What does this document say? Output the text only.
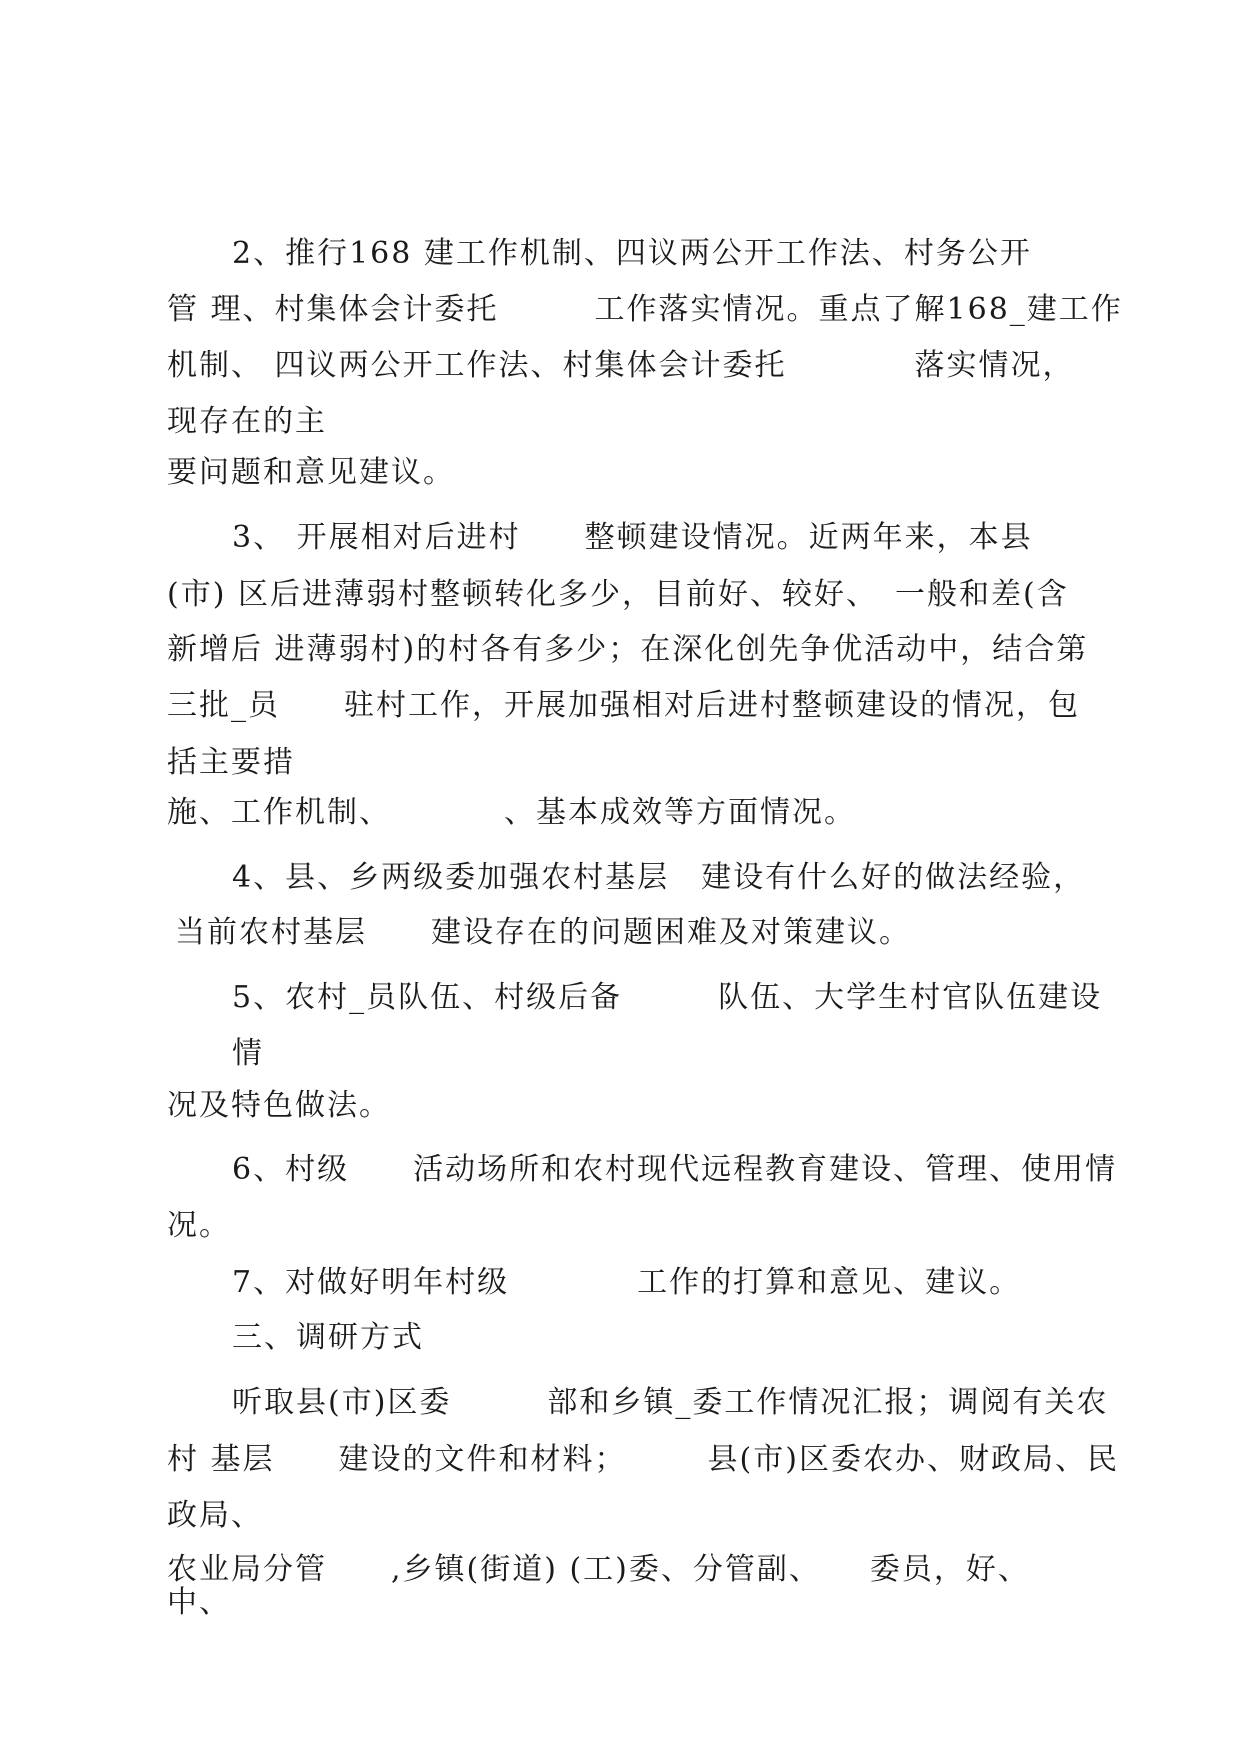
2、推行168 建工作机制、四议两公开工作法、村务公开
管 理、村集体会计委托　　　工作落实情况。重点了解168_建工作
机制、 四议两公开工作法、村集体会计委托　　　　落实情况，
现存在的主
要问题和意见建议。
3、 开展相对后进村　　整顿建设情况。近两年来，本县
(市) 区后进薄弱村整顿转化多少，目前好、较好、　一般和差(含
新增后 进薄弱村)的村各有多少；在深化创先争优活动中，结合第
三批_员　　驻村工作，开展加强相对后进村整顿建设的情况，包
括主要措
施、工作机制、　　　　、基本成效等方面情况。
4、县、乡两级委加强农村基层　建设有什么好的做法经验，
当前农村基层　　建设存在的问题困难及对策建议。
5、农村_员队伍、村级后备　　　队伍、大学生村官队伍建设
情
况及特色做法。
6、村级　　活动场所和农村现代远程教育建设、管理、使用情
况。
7、对做好明年村级　　　　工作的打算和意见、建议。
三、调研方式
听取县(市)区委　　　部和乡镇_委工作情况汇报；调阅有关农
村 基层　　建设的文件和材料；　　　县(市)区委农办、财政局、民
政局、
农业局分管　　,乡镇(街道) (工)委、分管副、　　委员，好、
中、
